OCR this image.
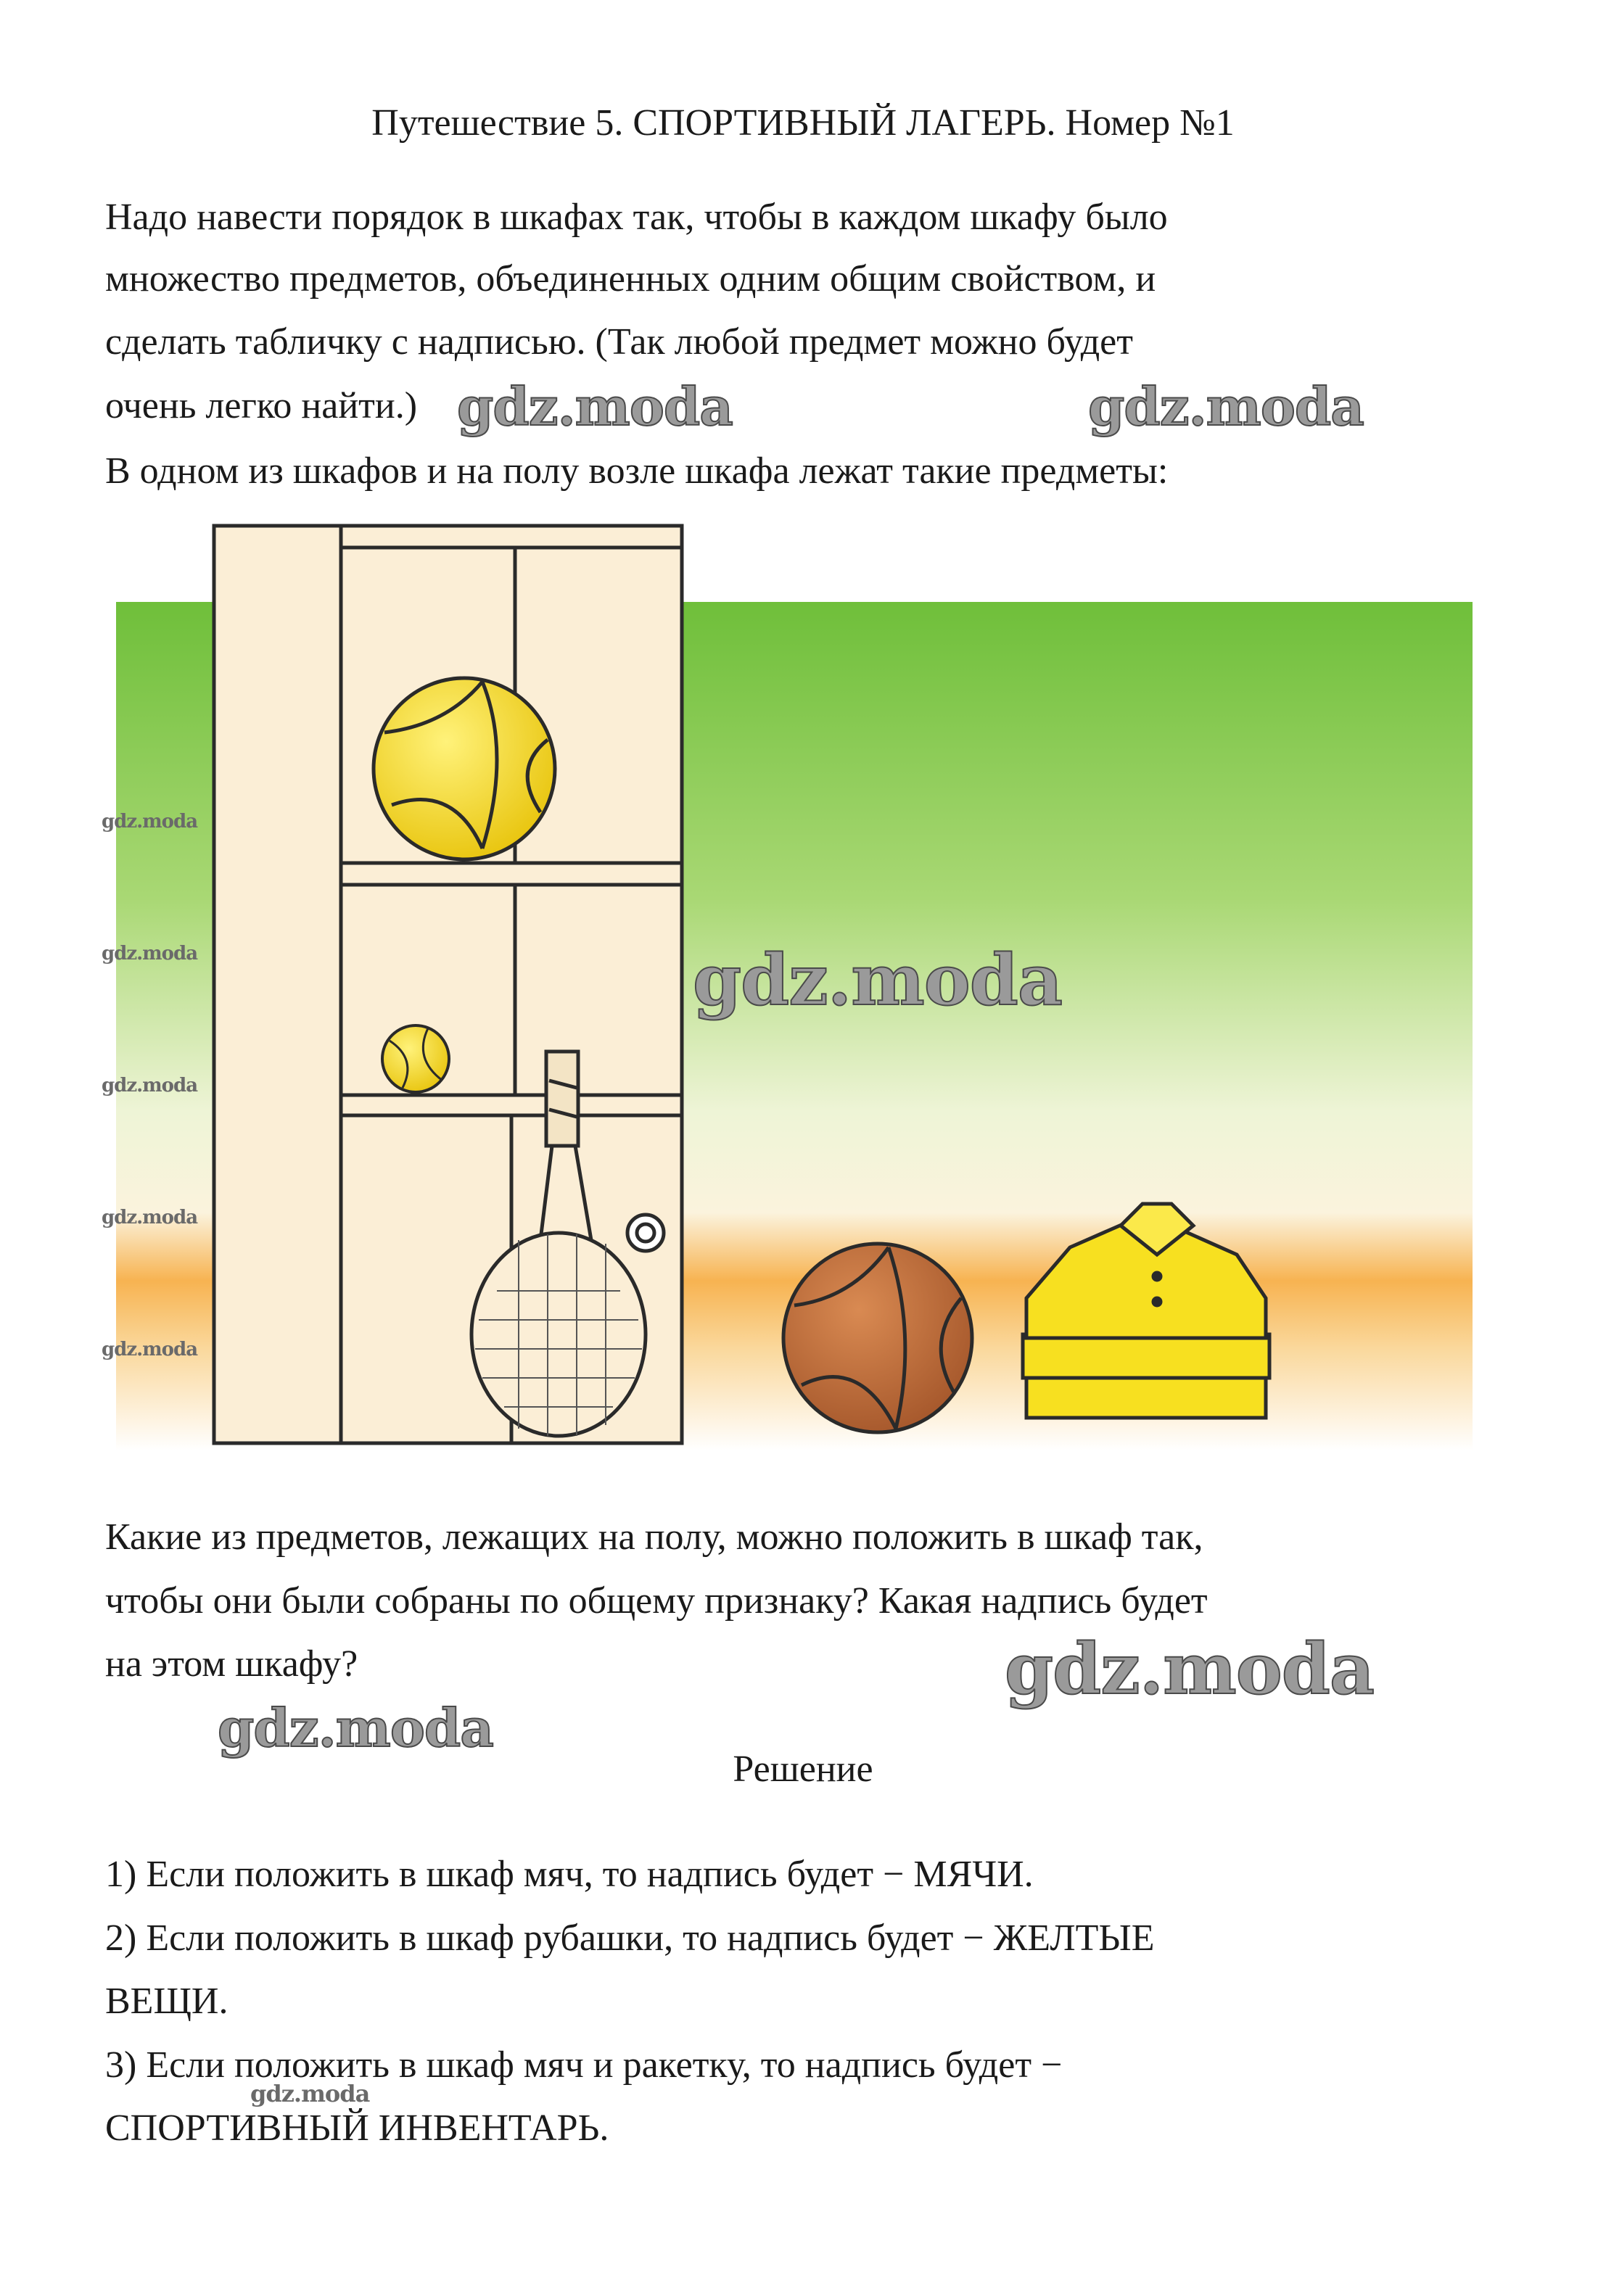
Путешествие 5. СПОРТИВНЫЙ ЛАГЕРЬ. Номер №1
Надо навести порядок в шкафах так, чтобы в каждом шкафу было
множество предметов, объединенных одним общим свойством, и
сделать табличку с надписью. (Так любой предмет можно будет
очень легко найти.)
В одном из шкафов и на полу возле шкафа лежат такие предметы:
gdz.moda	gdz.moda
gdz.moda
gdz.moda
gdz.moda
gdz.moda
gdz.moda
gdz.moda
Какие из предметов, лежащих на полу, можно положить в шкаф так,
чтобы они были собраны по общему признаку? Какая надпись будет
на этом шкафу?	gdz.moda
gdz.moda
Решение
1) Если положить в шкаф мяч, то надпись будет − МЯЧИ.
2) Если положить в шкаф рубашки, то надпись будет − ЖЕЛТЫЕ
ВЕЩИ.
3) Если положить в шкаф мяч и ракетку, то надпись будет −
СПОРТИВНЫЙ ИНВЕНТАРЬ.
gdz.moda
